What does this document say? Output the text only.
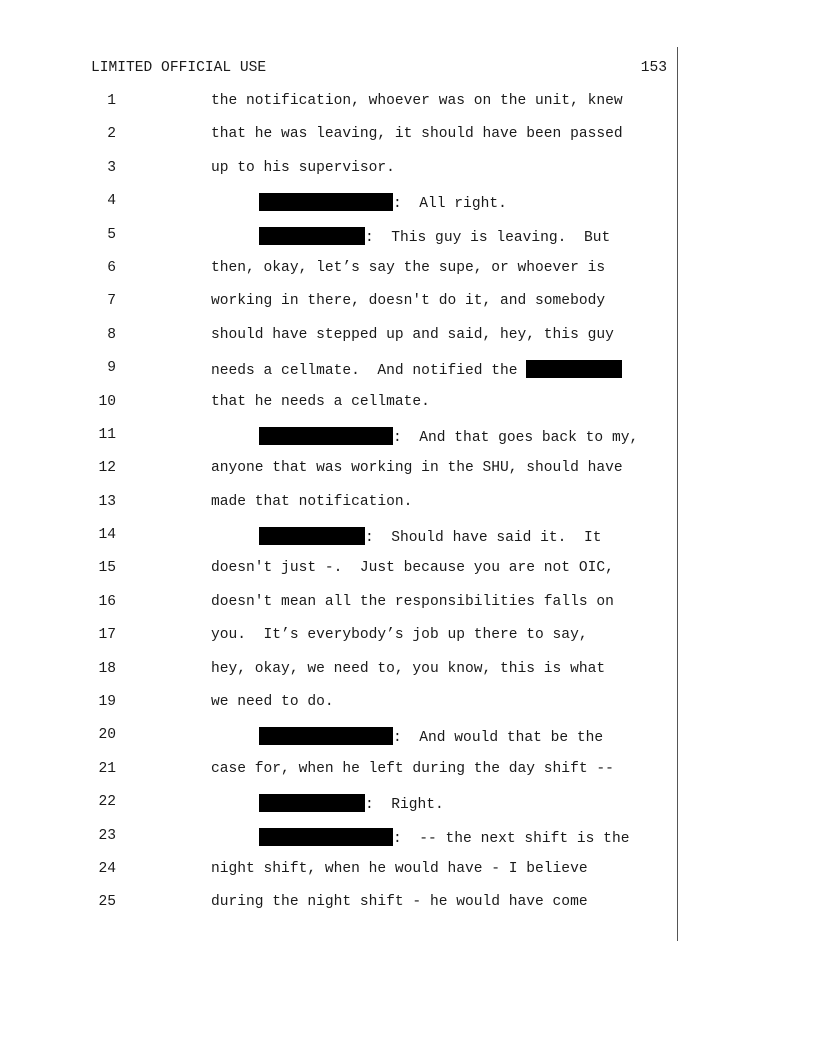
LIMITED OFFICIAL USE	153
1	the notification, whoever was on the unit, knew
2	that he was leaving, it should have been passed
3	up to his supervisor.
4	:  All right.
5	:  This guy is leaving.  But
6	then, okay, let’s say the supe, or whoever is
7	working in there, doesn't do it, and somebody
8	should have stepped up and said, hey, this guy
9	needs a cellmate.  And notified the
10	that he needs a cellmate.
11	:  And that goes back to my,
12	anyone that was working in the SHU, should have
13	made that notification.
14	:  Should have said it.  It
15	doesn't just -.  Just because you are not OIC,
16	doesn't mean all the responsibilities falls on
17	you.  It’s everybody’s job up there to say,
18	hey, okay, we need to, you know, this is what
19	we need to do.
20	:  And would that be the
21	case for, when he left during the day shift --
22	:  Right.
23	:  -- the next shift is the
24	night shift, when he would have - I believe
25	during the night shift - he would have come
